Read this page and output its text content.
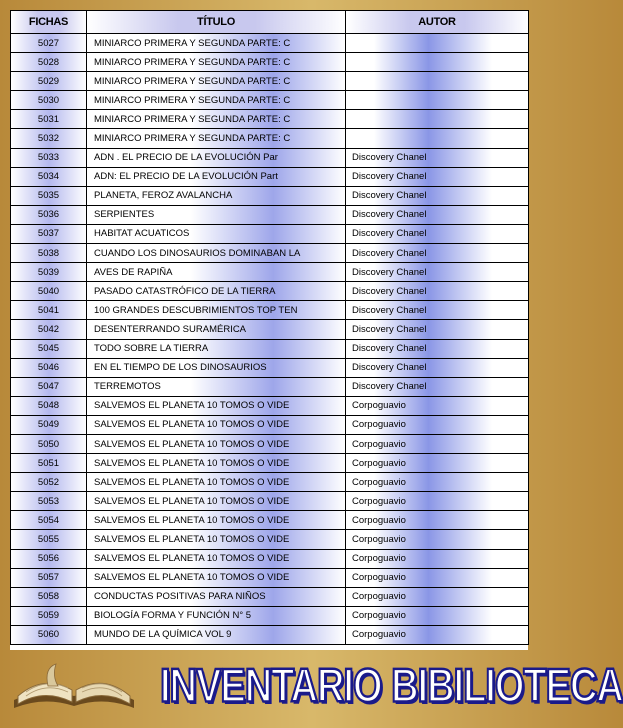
FICHAS	TÍTULO	AUTOR
5027	MINIARCO PRIMERA Y SEGUNDA PARTE: C	
5028	MINIARCO PRIMERA Y SEGUNDA PARTE: C	
5029	MINIARCO PRIMERA Y SEGUNDA PARTE: C	
5030	MINIARCO PRIMERA Y SEGUNDA PARTE: C	
5031	MINIARCO PRIMERA Y SEGUNDA PARTE: C	
5032	MINIARCO PRIMERA Y SEGUNDA PARTE: C	
5033	ADN . EL PRECIO DE LA EVOLUCIÓN Par	Discovery Chanel
5034	ADN: EL PRECIO DE LA EVOLUCIÓN Part	Discovery Chanel
5035	PLANETA, FEROZ AVALANCHA	Discovery Chanel
5036	SERPIENTES	Discovery Chanel
5037	HABITAT ACUATICOS	Discovery Chanel
5038	CUANDO LOS DINOSAURIOS DOMINABAN LA	Discovery Chanel
5039	AVES DE RAPIÑA	Discovery Chanel
5040	PASADO CATASTRÓFICO DE LA TIERRA	Discovery Chanel
5041	100 GRANDES DESCUBRIMIENTOS TOP TEN	Discovery Chanel
5042	DESENTERRANDO SURAMÉRICA	Discovery Chanel
5045	TODO SOBRE LA TIERRA	Discovery Chanel
5046	EN EL TIEMPO DE LOS DINOSAURIOS	Discovery Chanel
5047	TERREMOTOS	Discovery Chanel
5048	SALVEMOS EL PLANETA 10 TOMOS O VIDE	Corpoguavio
5049	SALVEMOS EL PLANETA 10 TOMOS O VIDE	Corpoguavio
5050	SALVEMOS EL PLANETA 10 TOMOS O VIDE	Corpoguavio
5051	SALVEMOS EL PLANETA 10 TOMOS O VIDE	Corpoguavio
5052	SALVEMOS EL PLANETA 10 TOMOS O VIDE	Corpoguavio
5053	SALVEMOS EL PLANETA 10 TOMOS O VIDE	Corpoguavio
5054	SALVEMOS EL PLANETA 10 TOMOS O VIDE	Corpoguavio
5055	SALVEMOS EL PLANETA 10 TOMOS O VIDE	Corpoguavio
5056	SALVEMOS EL PLANETA 10 TOMOS O VIDE	Corpoguavio
5057	SALVEMOS EL PLANETA 10 TOMOS O VIDE	Corpoguavio
5058	CONDUCTAS POSITIVAS PARA NIÑOS	Corpoguavio
5059	BIOLOGÍA FORMA Y FUNCIÓN N° 5	Corpoguavio
5060	MUNDO DE LA QUÍMICA VOL 9	Corpoguavio
INVENTARIO BIBILIOTECA
